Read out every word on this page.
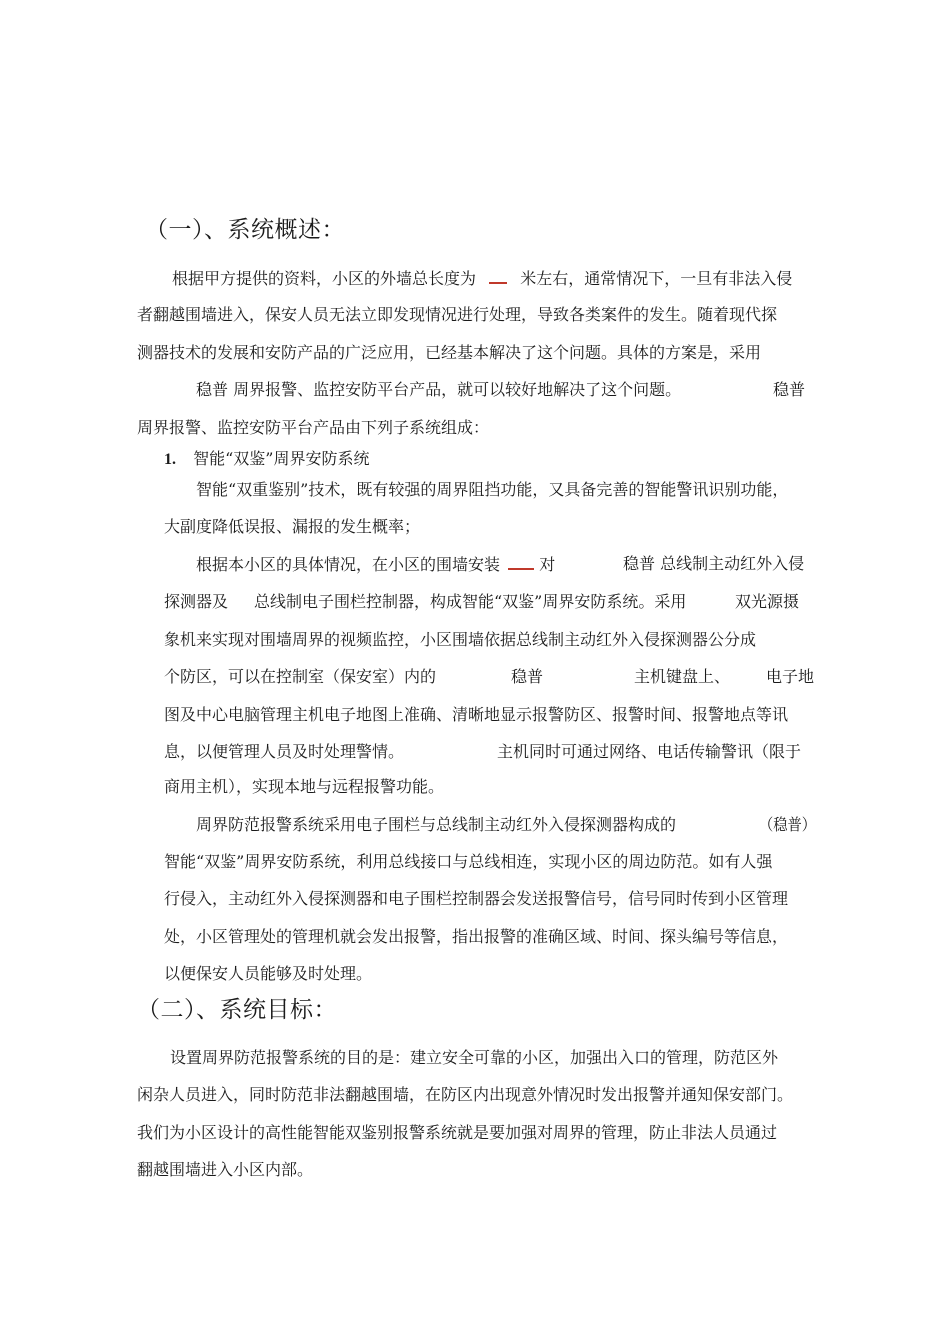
（一）、系统概述：
根据甲方提供的资料，小区的外墙总长度为	米左右，通常情况下，一旦有非法入侵
者翻越围墙进入，保安人员无法立即发现情况进行处理，导致各类案件的发生。随着现代探
测器技术的发展和安防产品的广泛应用，已经基本解决了这个问题。具体的方案是，采用
稳普 周界报警、监控安防平台产品，就可以较好地解决了这个问题。	稳普
周界报警、监控安防平台产品由下列子系统组成：
1. 智能“双鉴”周界安防系统
智能“双重鉴别”技术，既有较强的周界阻挡功能，又具备完善的智能警讯识别功能，
大副度降低误报、漏报的发生概率；
根据本小区的具体情况，在小区的围墙安装 对	稳普 总线制主动红外入侵
探测器及 总线制电子围栏控制器，构成智能“双鉴”周界安防系统。采用	双光源摄
象机来实现对围墙周界的视频监控，小区围墙依据总线制主动红外入侵探测器公分成
个防区，可以在控制室（保安室）内的	稳普	主机键盘上、 电子地
图及中心电脑管理主机电子地图上准确、清晰地显示报警防区、报警时间、报警地点等讯
息，以便管理人员及时处理警情。	主机同时可通过网络、电话传输警讯（限于
商用主机），实现本地与远程报警功能。
周界防范报警系统采用电子围栏与总线制主动红外入侵探测器构成的	（稳普）
智能“双鉴”周界安防系统，利用总线接口与总线相连，实现小区的周边防范。如有人强
行侵入，主动红外入侵探测器和电子围栏控制器会发送报警信号，信号同时传到小区管理
处，小区管理处的管理机就会发出报警，指出报警的准确区域、时间、探头编号等信息，
以便保安人员能够及时处理。
（二）、系统目标：
设置周界防范报警系统的目的是：建立安全可靠的小区，加强出入口的管理，防范区外
闲杂人员进入，同时防范非法翻越围墙，在防区内出现意外情况时发出报警并通知保安部门。
我们为小区设计的高性能智能双鉴别报警系统就是要加强对周界的管理，防止非法人员通过
翻越围墙进入小区内部。
